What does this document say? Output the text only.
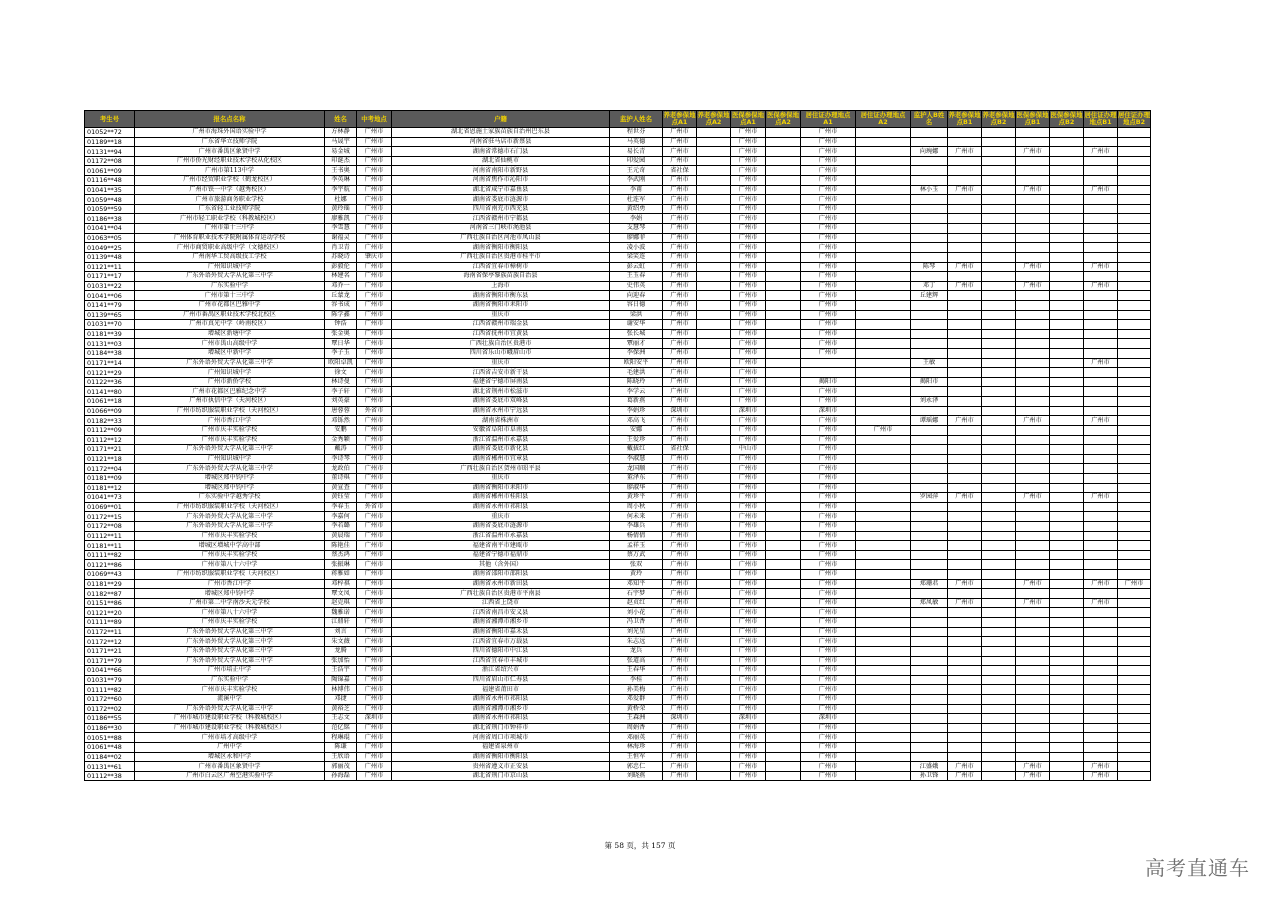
考生号	报名点名称	姓名	中考地点	户籍	监护人姓名	养老参保地点A1	养老参保地点A2	医保参保地点A1	医保参保地点A2	居住证办理地点A1	居住证办理地点A2	监护人B姓名	养老参保地点B1	养老参保地点B2	医保参保地点B1	医保参保地点B2	居住证办理地点B1	居住证办理地点B2
01052**72	广州市海珠外国语实验中学	方林静	广州市	湖北省恩施土家族苗族自治州巴东县	程世芬	广州市		广州市		广州市								
01189**18	广东省华立技师学院	马晟宇	广州市	河南省驻马店市新蔡县	马英德	广州市		广州市		广州市								
01131**94	广州市番禺区象贤中学	易金城	广州市	湖南省常德市石门县	易长青	广州市		广州市		广州市		向琬娜	广州市		广州市		广州市	
01172**08	广州市侨光财经职业技术学校从化校区	印诞杰	广州市	湖北省仙桃市	印爱园	广州市		广州市		广州市								
01061**09	广州市第113中学	王书奥	广州市	河南省南阳市新野县	王元奇	省社保		广州市		广州市								
01116**48	广州市经贸职业学校（鹤龙校区）	李英琳	广州市	河南省焦作市沁阳市	李武刚	广州市		广州市		广州市								
01041**35	广州市铁一中学（越秀校区）	李宇航	广州市	湖北省咸宁市嘉鱼县	李甫	广州市		广州市		广州市		林小玉	广州市		广州市		广州市	
01059**48	广州市旅游商务职业学校	杜娜	广州市	湖南省娄底市涟源市	杜连军	广州市		广州市		广州市								
01059**59	广东省轻工业技师学院	黄玲瑶	广州市	四川省南充市西充县	黄绍勇	广州市		广州市		广州市								
01186**38	广州市轻工职业学校（科教城校区）	廖雅凯	广州市	江西省赣州市宁都县	李娟	广州市		广州市		广州市								
01041**04	广州市第十三中学	李雪慧	广州市	河南省三门峡市渑池县	支慧琴	广州市		广州市		广州市								
01063**05	广州体育职业技术学院附属体育运动学校	谢福灵	广州市	广西壮族自治区河池市凤山县	廖娜菲	广州市		广州市		广州市								
01049**25	广州市商贸职业高级中学（文德校区）	肖卫青	广州市	湖南省衡阳市衡阳县	凌小波	广州市		广州市		广州市								
01139**48	广州南华工贸高级技工学校	苏晓诗	肇庆市	广西壮族自治区贵港市桂平市	梁笑连	广州市		广州市		广州市								
01121**11	广州知识城中学	彭毅伦	广州市	江西省宜春市樟树市	彭云虹	广州市		广州市		广州市		陈琴	广州市		广州市		广州市	
01171**17	广东外语外贸大学从化第三中学	林建名	广州市	海南省保亭黎族苗族自治县	王玉春	广州市		广州市		广州市								
01031**22	广东实验中学	邓乔一	广州市	上海市	史伟英	广州市		广州市		广州市		邓丁	广州市		广州市		广州市	
01041**06	广州市第十三中学	丘蒙龙	广州市	湖南省衡阳市衡东县	向迎春	广州市		广州市		广州市		丘建辉						
01141**79	广州市花都区巴雅中学	容书成	广州市	湖南省衡阳市耒阳市	容日德	广州市		广州市		广州市								
01139**65	广州市番禺区职业技术学校北校区	陈学鑫	广州市	重庆市	梁洪	广州市		广州市		广州市								
01031**70	广州市真光中学（岭南校区）	钟浩	广州市	江西省赣州市瑞金县	谢安华	广州市		广州市		广州市								
01181**39	增城区新塘中学	张金奥	广州市	江西省抚州市宜黄县	张长城	广州市		广州市		广州市								
01131**03	广州市禺山高级中学	覃日华	广州市	广西壮族自治区贵港市	覃丽才	广州市		广州市		广州市								
01184**38	增城区中新中学	李子玉	广州市	四川省乐山市峨眉山市	李保洲	广州市		广州市		广州市								
01171**14	广东外语外贸大学从化第三中学	欧阳卓凯	广州市	重庆市	欧阳安平	广州市		广州市				王敏					广州市	
01121**29	广州知识城中学	徐文	广州市	江西省吉安市新干县	毛建洪	广州市		广州市										
01122**36	广州市新侨学校	林诗曼	广州市	福建省宁德市屏南县	陈晓玲	广州市		广州市		揭阳市		揭阳市						
01141**80	广州市花都区巴雅纪念中学	李子轩	广州市	湖北省荆州市松滋市	李学云	广州市		广州市		广州市								
01061**18	广州市执信中学（天河校区）	刘英豪	广州市	湖南省娄底市双峰县	葛新燕	广州市		广州市		广州市		刘永泽						
01066**09	广州市纺织服装职业学校（天河校区）	唐蓉蓉	外省市	湖南省永州市宁远县	李娟珍	深圳市		深圳市		深圳市								
01182**33	广州市香江中学	邓铄然	广州市	湖南省株洲市	邓高飞	广州市		广州市		广州市		谭瑶娜	广州市		广州市		广州市	
01112**09	广州市庆丰实验学校	安鹏	广州市	安徽省阜阳市阜南县	安娜	广州市		广州市		广州市	广州市							
01112**12	广州市庆丰实验学校	金秀颖	广州市	浙江省温州市永嘉县	王爱珍	广州市		广州市		广州市								
01171**21	广东外语外贸大学从化第三中学	戴涛	广州市	湖南省娄底市新化县	戴拔红	省社保		中山市		广州市								
01121**18	广州知识城中学	李诗琴	广州市	湖南省郴州市宜章县	李淑慧	广州市		广州市		广州市								
01172**04	广东外语外贸大学从化第三中学	龙政伯	广州市	广西壮族自治区贺州市昭平县	龙国顺	广州市		广州市		广州市								
01181**09	增城区郑中钧中学	董诗琪	广州市	重庆市	董泽东	广州市		广州市		广州市								
01181**12	增城区郑中钧中学	黄宣查	广州市	湖南省衡阳市耒阳市	廖淑华	广州市		广州市		广州市								
01041**73	广东实验中学越秀学校	黄钰莹	广州市	湖南省郴州市桂阳县	黄珍平	广州市		广州市		广州市		罗园萍	广州市		广州市		广州市	
01069**01	广州市纺织服装职业学校（天河校区）	李春玉	外省市	湖南省永州市祁阳县	周小秋	广州市		广州市		广州市								
01172**15	广东外语外贸大学从化第三中学	李嘉何	广州市	重庆市	何未来	广州市		广州市		广州市								
01172**08	广东外语外贸大学从化第三中学	李若璐	广州市	湖南省娄底市涟源市	李雄兵	广州市		广州市		广州市								
01112**11	广州市庆丰实验学校	黄晨瑞	广州市	浙江省温州市永嘉县	杨倩倩	广州市		广州市		广州市								
01181**11	增城区增城中学高中部	陈艳佳	广州市	福建省南平市建瓯市	孟祥玉	广州市		广州市		广州市								
01111**82	广州市庆丰实验学校	蔡杰鸿	广州市	福建省宁德市福鼎市	蔡万武	广州市		广州市		广州市								
01121**86	广州市第八十六中学	张振琳	广州市	其他（含外国）	张双	广州市		广州市		广州市								
01069**43	广州市纺织服装职业学校（天河校区）	蒋雅如	广州市	湖南省邵阳市邵阳县	黄玲	广州市		广州市		广州市								
01181**29	广州市香江中学	邓梓祺	广州市	湖南省永州市新田县	邓知平	广州市		广州市		广州市		郑珊君	广州市		广州市		广州市	广州市
01182**87	增城区郑中钧中学	覃文凤	广州市	广西壮族自治区贵港市平南县	石宇梦	广州市		广州市		广州市								
01151**86	广州市第二中学南沙天元学校	赵克琪	广州市	江西省上饶市	赵贞红	广州市		广州市		广州市		郑凤敏	广州市		广州市		广州市	
01121**20	广州市第八十六中学	魏雅诺	广州市	江西省南昌市安义县	刘小花	广州市		广州市		广州市								
01111**89	广州市庆丰实验学校	江鼎轩	广州市	湖南省湘潭市湘乡市	冯卫香	广州市		广州市		广州市								
01172**11	广东外语外贸大学从化第三中学	刘言	广州市	湖南省衡阳市嘉禾县	刘光星	广州市		广州市		广州市								
01172**12	广东外语外贸大学从化第三中学	朱文薇	广州市	江西省宜春市万载县	朱志远	广州市		广州市		广州市								
01171**21	广东外语外贸大学从化第三中学	龙腾	广州市	四川省德阳市中江县	龙兵	广州市		广州市		广州市								
01171**79	广东外语外贸大学从化第三中学	张加怡	广州市	江西省宜春市丰城市	张道高	广州市		广州市		广州市								
01041**66	广州市培正中学	王浩宇	广州市	浙江省绍兴市	王春华	广州市		广州市		广州市								
01031**79	广东实验中学	陶锦嘉	广州市	四川省眉山市仁寿县	李桂	广州市		广州市		广州市								
01111**82	广州市庆丰实验学校	林博伟	广州市	福建省莆田市	孙美梅	广州市		广州市		广州市								
01172**60	流溪中学	邓捷	广州市	湖南省永州市祁阳县	邓爱群	广州市		广州市		广州市								
01172**02	广东外语外贸大学从化第三中学	黄裕芝	广州市	湖南省湘潭市湘乡市	黄桥荣	广州市		广州市		广州市								
01186**55	广州市城市建设职业学校（科教城校区）	王志文	深圳市	湖南省永州市祁阳县	王森洲	深圳市		深圳市		深圳市								
01186**30	广州市城市建设职业学校（科教城校区）	范亿铭	广州市	湖北省荆门市钟祥市	周娟香	广州市		广州市		广州市								
01051**88	广州市培才高级中学	程琳琨	广州市	河南省周口市项城市	邓丽英	广州市		广州市		广州市								
01061**48	广州中学	陈谦	广州市	福建省泉州市	林海珍	广州市		广州市		广州市								
01184**02	增城区永和中学	王欣语	广州市	湖南省衡阳市衡阳县	王恒军	广州市		广州市		广州市								
01131**61	广州市番禺区象贤中学	郭丽茂	广州市	贵州省遵义市正安县	郭忠仁	广州市		广州市		广州市		江盛娥	广州市		广州市		广州市	
01112**38	广州市白云区广州空港实验中学	孙海磊	广州市	湖北省荆门市京山县	刘晓燕	广州市		广州市		广州市		孙卫锋	广州市		广州市		广州市	
第 58 页，共 157 页
高考直通车
